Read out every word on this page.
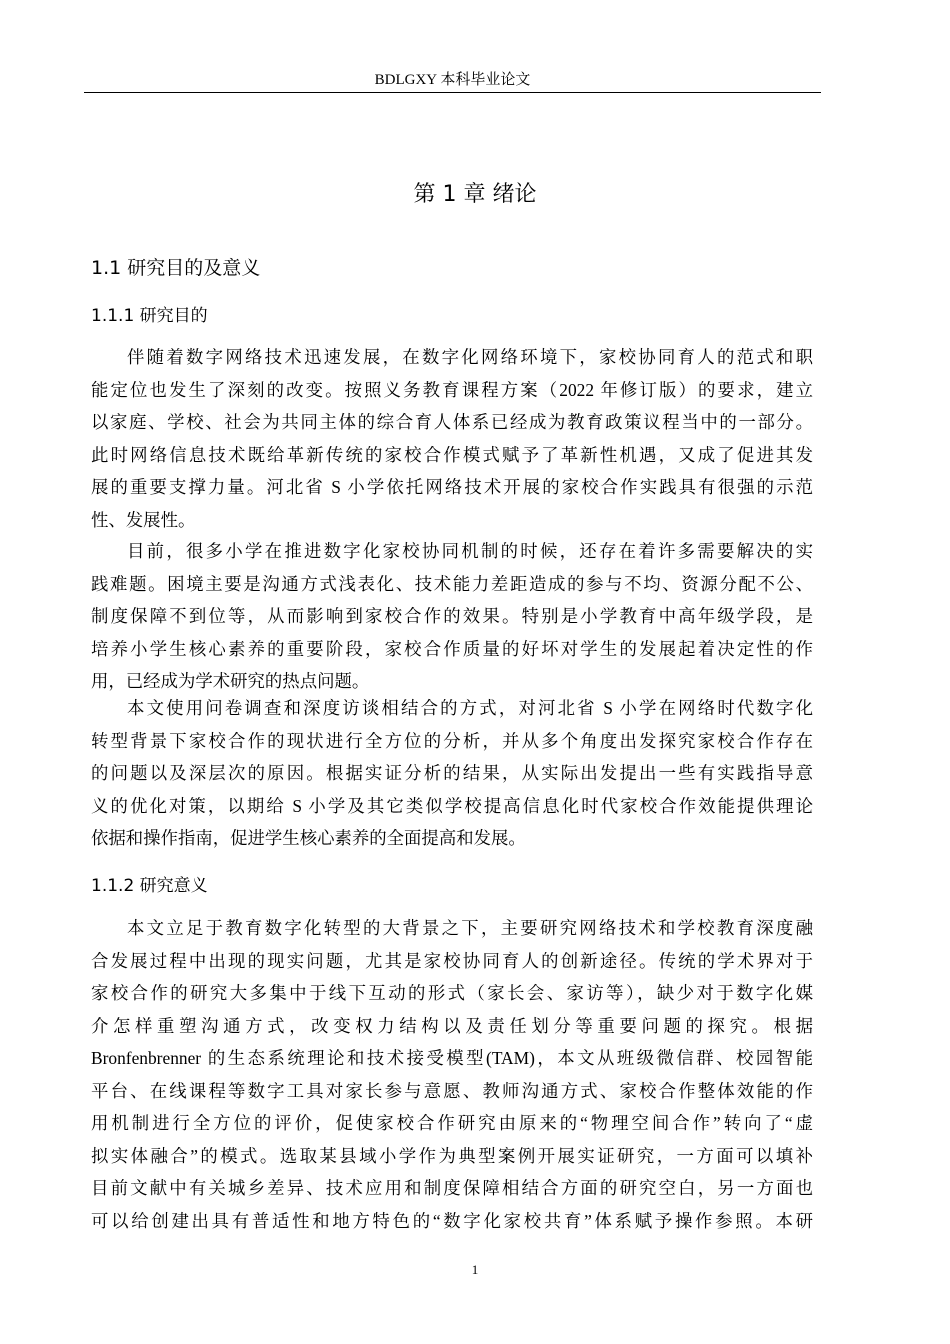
BDLGXY 本科毕业论文
第 1 章 绪论
1.1 研究目的及意义
1.1.1 研究目的
伴随着数字网络技术迅速发展，在数字化网络环境下，家校协同育人的范式和职
能定位也发生了深刻的改变。按照义务教育课程方案（2022 年修订版）的要求，建立
以家庭、学校、社会为共同主体的综合育人体系已经成为教育政策议程当中的一部分。
此时网络信息技术既给革新传统的家校合作模式赋予了革新性机遇，又成了促进其发
展的重要支撑力量。河北省 S 小学依托网络技术开展的家校合作实践具有很强的示范
性、发展性。
目前，很多小学在推进数字化家校协同机制的时候，还存在着许多需要解决的实
践难题。困境主要是沟通方式浅表化、技术能力差距造成的参与不均、资源分配不公、
制度保障不到位等，从而影响到家校合作的效果。特别是小学教育中高年级学段，是
培养小学生核心素养的重要阶段，家校合作质量的好坏对学生的发展起着决定性的作
用，已经成为学术研究的热点问题。
本文使用问卷调查和深度访谈相结合的方式，对河北省 S 小学在网络时代数字化
转型背景下家校合作的现状进行全方位的分析，并从多个角度出发探究家校合作存在
的问题以及深层次的原因。根据实证分析的结果，从实际出发提出一些有实践指导意
义的优化对策，以期给 S 小学及其它类似学校提高信息化时代家校合作效能提供理论
依据和操作指南，促进学生核心素养的全面提高和发展。
1.1.2 研究意义
本文立足于教育数字化转型的大背景之下，主要研究网络技术和学校教育深度融
合发展过程中出现的现实问题，尤其是家校协同育人的创新途径。传统的学术界对于
家校合作的研究大多集中于线下互动的形式（家长会、家访等），缺少对于数字化媒
介怎样重塑沟通方式，改变权力结构以及责任划分等重要问题的探究。根据
Bronfenbrenner 的生态系统理论和技术接受模型(TAM)，本文从班级微信群、校园智能
平台、在线课程等数字工具对家长参与意愿、教师沟通方式、家校合作整体效能的作
用机制进行全方位的评价，促使家校合作研究由原来的“物理空间合作”转向了“虚
拟实体融合”的模式。选取某县域小学作为典型案例开展实证研究，一方面可以填补
目前文献中有关城乡差异、技术应用和制度保障相结合方面的研究空白，另一方面也
可以给创建出具有普适性和地方特色的“数字化家校共育”体系赋予操作参照。本研
1
